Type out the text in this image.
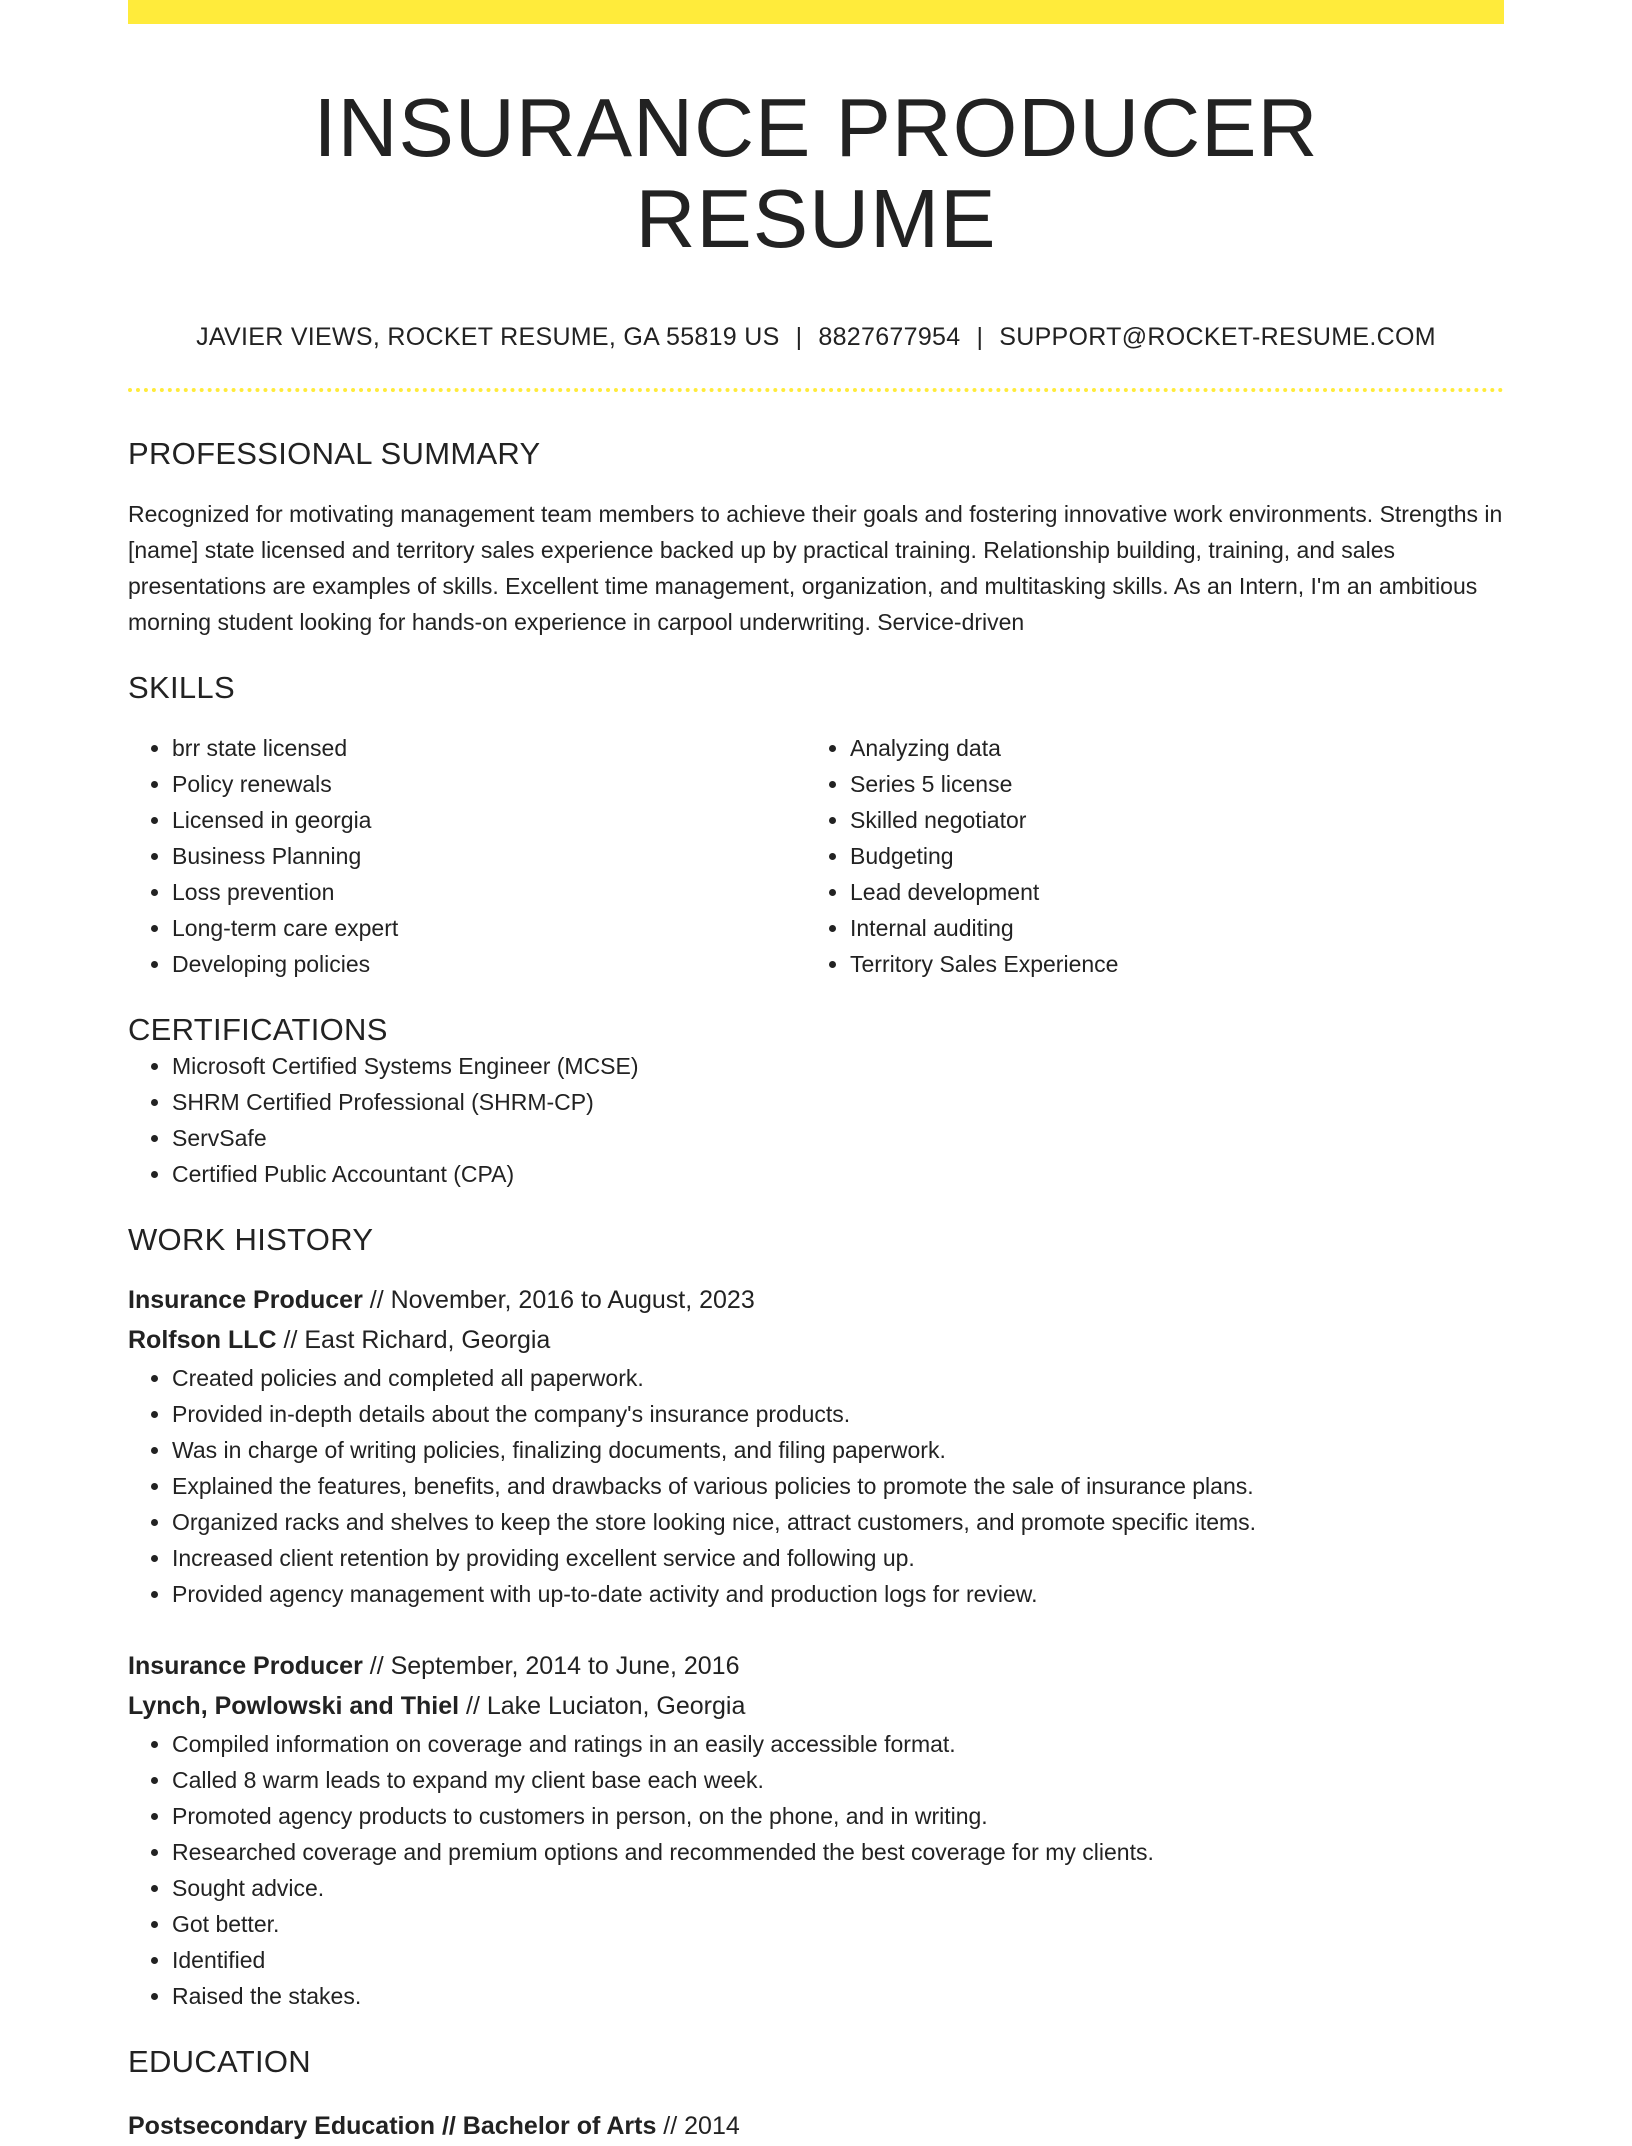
INSURANCE PRODUCER RESUME
JAVIER VIEWS, ROCKET RESUME, GA 55819 US | 8827677954 | SUPPORT@ROCKET-RESUME.COM
PROFESSIONAL SUMMARY
Recognized for motivating management team members to achieve their goals and fostering innovative work environments. Strengths in [name] state licensed and territory sales experience backed up by practical training. Relationship building, training, and sales presentations are examples of skills. Excellent time management, organization, and multitasking skills. As an Intern, I'm an ambitious morning student looking for hands-on experience in carpool underwriting. Service-driven
SKILLS
• brr state licensed
• Policy renewals
• Licensed in georgia
• Business Planning
• Loss prevention
• Long-term care expert
• Developing policies
• Analyzing data
• Series 5 license
• Skilled negotiator
• Budgeting
• Lead development
• Internal auditing
• Territory Sales Experience
CERTIFICATIONS
• Microsoft Certified Systems Engineer (MCSE)
• SHRM Certified Professional (SHRM-CP)
• ServSafe
• Certified Public Accountant (CPA)
WORK HISTORY
Insurance Producer // November, 2016 to August, 2023
Rolfson LLC // East Richard, Georgia
• Created policies and completed all paperwork.
• Provided in-depth details about the company's insurance products.
• Was in charge of writing policies, finalizing documents, and filing paperwork.
• Explained the features, benefits, and drawbacks of various policies to promote the sale of insurance plans.
• Organized racks and shelves to keep the store looking nice, attract customers, and promote specific items.
• Increased client retention by providing excellent service and following up.
• Provided agency management with up-to-date activity and production logs for review.
Insurance Producer // September, 2014 to June, 2016
Lynch, Powlowski and Thiel // Lake Luciaton, Georgia
• Compiled information on coverage and ratings in an easily accessible format.
• Called 8 warm leads to expand my client base each week.
• Promoted agency products to customers in person, on the phone, and in writing.
• Researched coverage and premium options and recommended the best coverage for my clients.
• Sought advice.
• Got better.
• Identified
• Raised the stakes.
EDUCATION
Postsecondary Education // Bachelor of Arts // 2014
